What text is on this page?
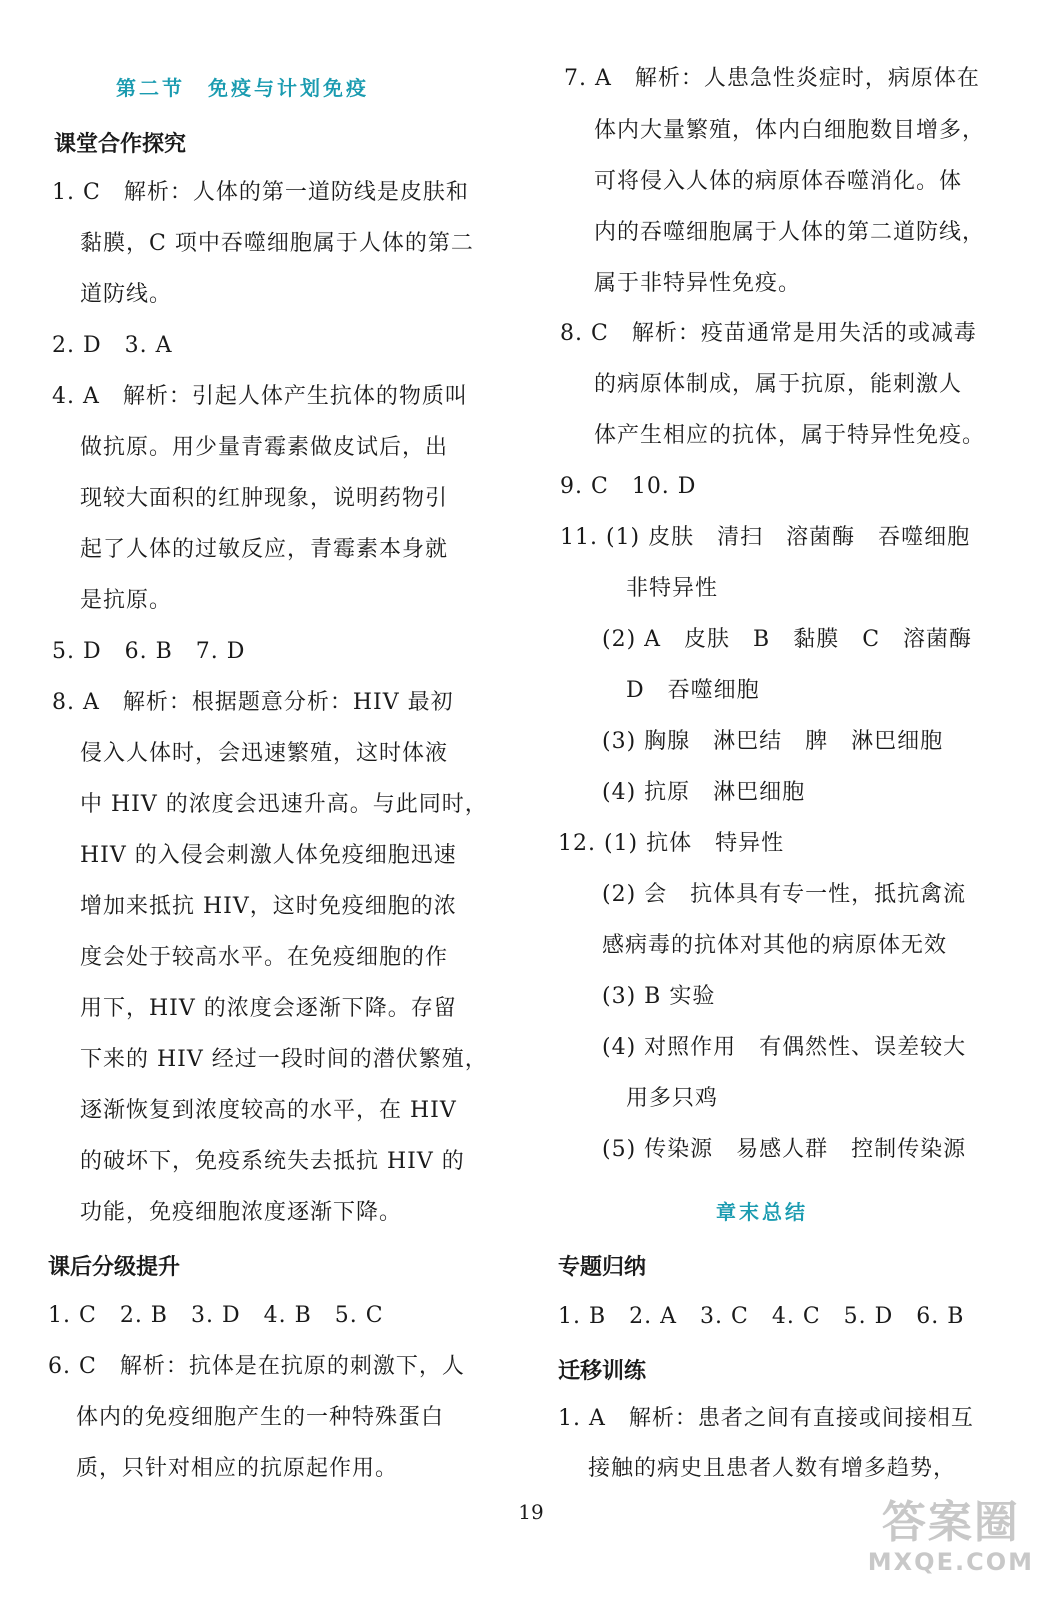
第二节　免疫与计划免疫
课堂合作探究
1. C　解析：人体的第一道防线是皮肤和
黏膜，C 项中吞噬细胞属于人体的第二
道防线。
2. D　3. A
4. A　解析：引起人体产生抗体的物质叫
做抗原。用少量青霉素做皮试后，出
现较大面积的红肿现象，说明药物引
起了人体的过敏反应，青霉素本身就
是抗原。
5. D　6. B　7. D
8. A　解析：根据题意分析：HIV 最初
侵入人体时，会迅速繁殖，这时体液
中 HIV 的浓度会迅速升高。与此同时，
HIV 的入侵会刺激人体免疫细胞迅速
增加来抵抗 HIV，这时免疫细胞的浓
度会处于较高水平。在免疫细胞的作
用下，HIV 的浓度会逐渐下降。存留
下来的 HIV 经过一段时间的潜伏繁殖，
逐渐恢复到浓度较高的水平，在 HIV
的破坏下，免疫系统失去抵抗 HIV 的
功能，免疫细胞浓度逐渐下降。
课后分级提升
1. C　2. B　3. D　4. B　5. C
6. C　解析：抗体是在抗原的刺激下，人
体内的免疫细胞产生的一种特殊蛋白
质，只针对相应的抗原起作用。
7. A　解析：人患急性炎症时，病原体在
体内大量繁殖，体内白细胞数目增多，
可将侵入人体的病原体吞噬消化。体
内的吞噬细胞属于人体的第二道防线，
属于非特异性免疫。
8. C　解析：疫苗通常是用失活的或减毒
的病原体制成，属于抗原，能刺激人
体产生相应的抗体，属于特异性免疫。
9. C　10. D
11. (1) 皮肤　清扫　溶菌酶　吞噬细胞
非特异性
(2) A　皮肤　B　黏膜　C　溶菌酶
D　吞噬细胞
(3) 胸腺　淋巴结　脾　淋巴细胞
(4) 抗原　淋巴细胞
12. (1) 抗体　特异性
(2) 会　抗体具有专一性，抵抗禽流
感病毒的抗体对其他的病原体无效
(3) B 实验
(4) 对照作用　有偶然性、误差较大
用多只鸡
(5) 传染源　易感人群　控制传染源
章末总结
专题归纳
1. B　2. A　3. C　4. C　5. D　6. B
迁移训练
1. A　解析：患者之间有直接或间接相互
接触的病史且患者人数有增多趋势，
19	答案圈
MXQE.COM
